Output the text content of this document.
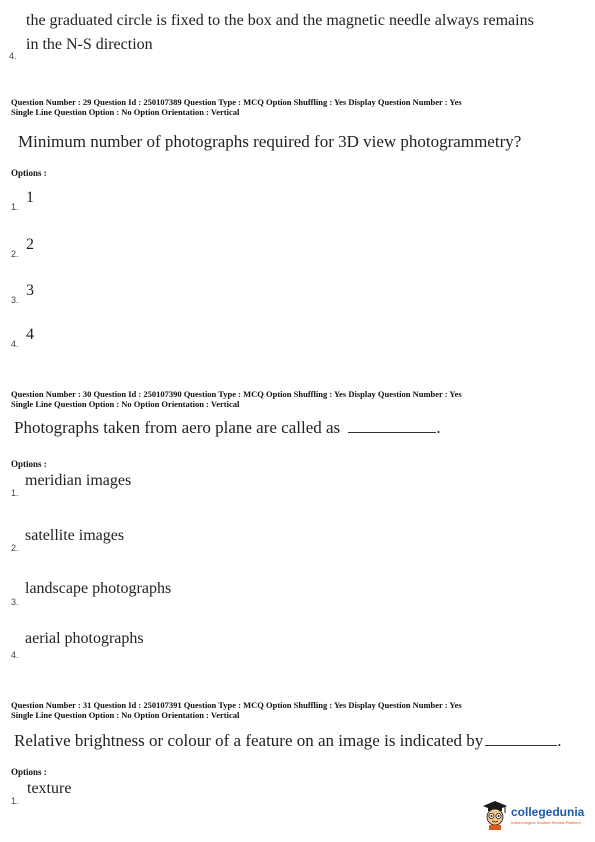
the graduated circle is fixed to the box and the magnetic needle always remains
in the N-S direction
4.
Question Number : 29 Question Id : 250107389 Question Type : MCQ Option Shuffling : Yes Display Question Number : Yes
Single Line Question Option : No Option Orientation : Vertical
Minimum number of photographs required for 3D view photogrammetry?
Options :
1
1.
2
2.
3
3.
4
4.
Question Number : 30 Question Id : 250107390 Question Type : MCQ Option Shuffling : Yes Display Question Number : Yes
Single Line Question Option : No Option Orientation : Vertical
Photographs taken from aero plane are called as	.
Options :
meridian images
1.
satellite images
2.
landscape photographs
3.
aerial photographs
4.
Question Number : 31 Question Id : 250107391 Question Type : MCQ Option Shuffling : Yes Display Question Number : Yes
Single Line Question Option : No Option Orientation : Vertical
Relative brightness or colour of a feature on an image is indicated by	.
Options :
texture
1.
collegedunia
India's largest Student Review Platform
